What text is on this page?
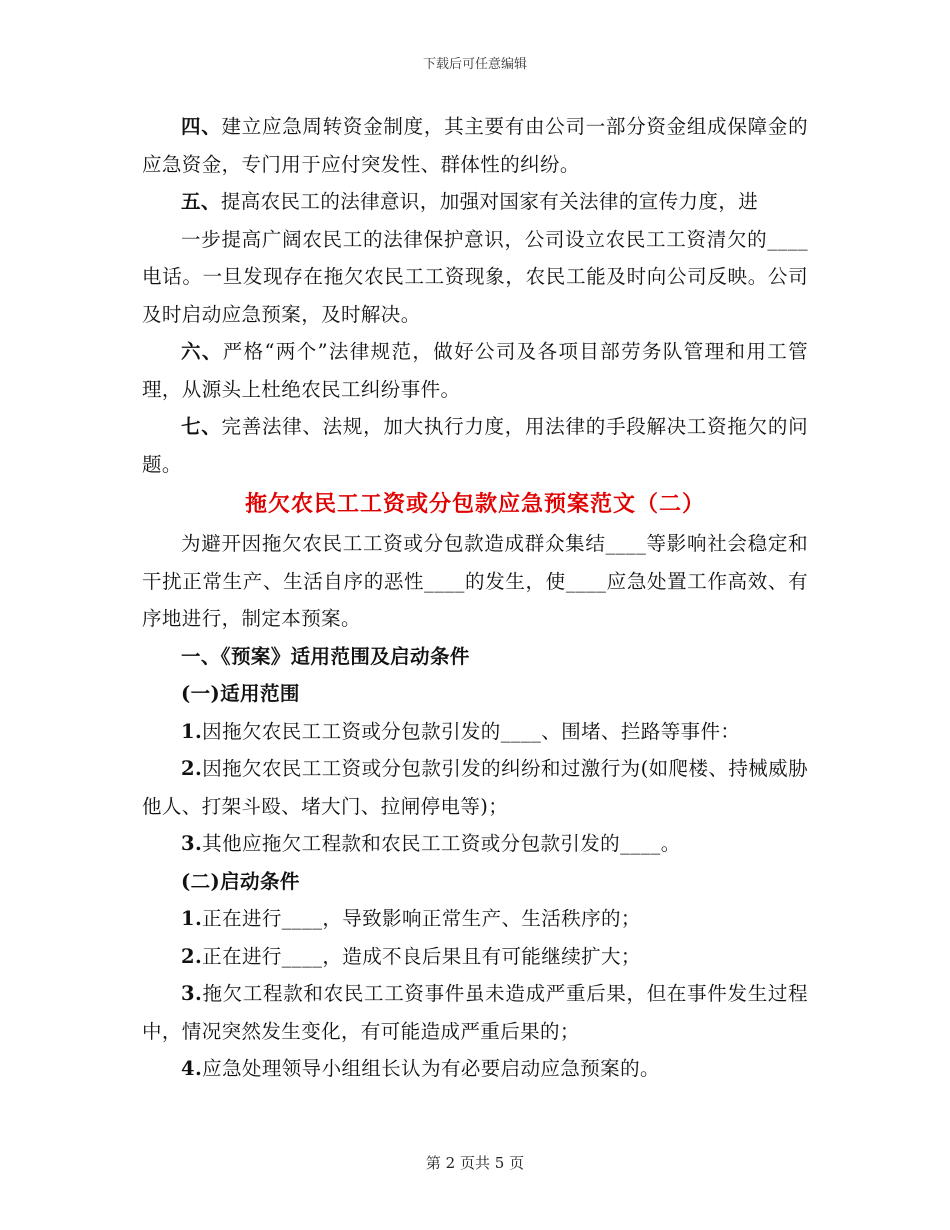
下载后可任意编辑

四、建立应急周转资金制度，其主要有由公司一部分资金组成保障金的应急资金，专门用于应付突发性、群体性的纠纷。

五、提高农民工的法律意识，加强对国家有关法律的宣传力度，进

一步提高广阔农民工的法律保护意识，公司设立农民工工资清欠的____电话。一旦发现存在拖欠农民工工资现象，农民工能及时向公司反映。公司及时启动应急预案，及时解决。

六、严格“两个”法律规范，做好公司及各项目部劳务队管理和用工管理，从源头上杜绝农民工纠纷事件。

七、完善法律、法规，加大执行力度，用法律的手段解决工资拖欠的问题。

拖欠农民工工资或分包款应急预案范文（二）

为避开因拖欠农民工工资或分包款造成群众集结____等影响社会稳定和干扰正常生产、生活自序的恶性____的发生，使____应急处置工作高效、有序地进行，制定本预案。

一、《预案》适用范围及启动条件

(一)适用范围

1.因拖欠农民工工资或分包款引发的____、围堵、拦路等事件：

2.因拖欠农民工工资或分包款引发的纠纷和过激行为(如爬楼、持械威胁他人、打架斗殴、堵大门、拉闸停电等)；

3.其他应拖欠工程款和农民工工资或分包款引发的____。

(二)启动条件

1.正在进行____，导致影响正常生产、生活秩序的；

2.正在进行____，造成不良后果且有可能继续扩大；

3.拖欠工程款和农民工工资事件虽未造成严重后果，但在事件发生过程中，情况突然发生变化，有可能造成严重后果的；

4.应急处理领导小组组长认为有必要启动应急预案的。

第 2 页共 5 页
